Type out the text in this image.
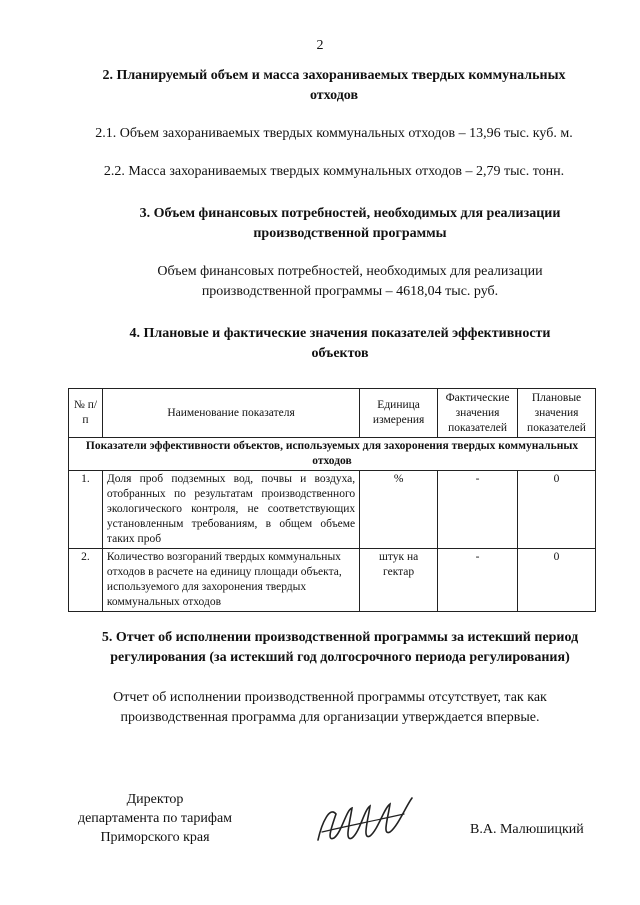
2
2. Планируемый объем и масса захораниваемых твердых коммунальных
отходов
2.1. Объем захораниваемых твердых коммунальных отходов – 13,96 тыс. куб. м.
2.2. Масса захораниваемых твердых коммунальных отходов – 2,79 тыс. тонн.
3. Объем финансовых потребностей, необходимых для реализации
производственной программы
Объем финансовых потребностей, необходимых для реализации
производственной программы – 4618,04 тыс. руб.
4. Плановые и фактические значения показателей эффективности
объектов
№ п/п	Наименование показателя	Единица измерения	Фактические значения показателей	Плановые значения показателей
Показатели эффективности объектов, используемых для захоронения твердых коммунальных отходов				
1.	Доля проб подземных вод, почвы и воздуха, отобранных по результатам производственного экологического контроля, не соответствующих установленным требованиям, в общем объеме таких проб	%	-	0
2.	Количество возгораний твердых коммунальных отходов в расчете на единицу площади объекта, используемого для захоронения твердых коммунальных отходов	штук на гектар	-	0
5. Отчет об исполнении производственной программы за истекший период
регулирования (за истекший год долгосрочного периода регулирования)
Отчет об исполнении производственной программы отсутствует, так как
производственная программа для организации утверждается впервые.
Директор
департамента по тарифам
Приморского края
В.А. Малюшицкий
